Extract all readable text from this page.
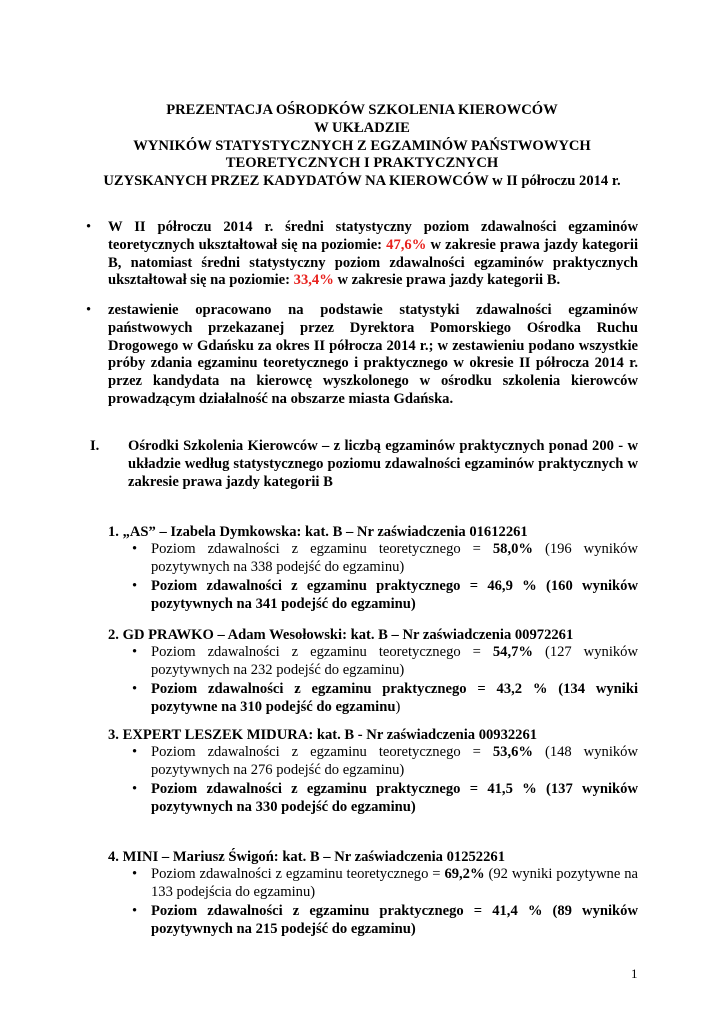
PREZENTACJA OŚRODKÓW SZKOLENIA KIEROWCÓW
W UKŁADZIE
WYNIKÓW STATYSTYCZNYCH Z EGZAMINÓW PAŃSTWOWYCH
TEORETYCZNYCH I PRAKTYCZNYCH
UZYSKANYCH PRZEZ KADYDATÓW NA KIEROWCÓW w II półroczu 2014 r.
• W II półroczu 2014 r. średni statystyczny poziom zdawalności egzaminów teoretycznych ukształtował się na poziomie: 47,6% w zakresie prawa jazdy kategorii B, natomiast średni statystyczny poziom zdawalności egzaminów praktycznych ukształtował się na poziomie: 33,4% w zakresie prawa jazdy kategorii B.
• zestawienie opracowano na podstawie statystyki zdawalności egzaminów państwowych przekazanej przez Dyrektora Pomorskiego Ośrodka Ruchu Drogowego w Gdańsku za okres II półrocza 2014 r.; w zestawieniu podano wszystkie próby zdania egzaminu teoretycznego i praktycznego w okresie II półrocza 2014 r. przez kandydata na kierowcę wyszkolonego w ośrodku szkolenia kierowców prowadzącym działalność na obszarze miasta Gdańska.
I. Ośrodki Szkolenia Kierowców – z liczbą egzaminów praktycznych ponad 200 - w układzie według statystycznego poziomu zdawalności egzaminów praktycznych w zakresie prawa jazdy kategorii B
1. „AS” – Izabela Dymkowska: kat. B – Nr zaświadczenia 01612261
• Poziom zdawalności z egzaminu teoretycznego = 58,0% (196 wyników pozytywnych na 338 podejść do egzaminu)
• Poziom zdawalności z egzaminu praktycznego = 46,9 % (160 wyników pozytywnych na 341 podejść do egzaminu)
2. GD PRAWKO – Adam Wesołowski: kat. B – Nr zaświadczenia 00972261
• Poziom zdawalności z egzaminu teoretycznego = 54,7% (127 wyników pozytywnych na 232 podejść do egzaminu)
• Poziom zdawalności z egzaminu praktycznego = 43,2 % (134 wyniki pozytywne na 310 podejść do egzaminu)
3. EXPERT LESZEK MIDURA: kat. B - Nr zaświadczenia 00932261
• Poziom zdawalności z egzaminu teoretycznego = 53,6% (148 wyników pozytywnych na 276 podejść do egzaminu)
• Poziom zdawalności z egzaminu praktycznego = 41,5 % (137 wyników pozytywnych na 330 podejść do egzaminu)
4. MINI – Mariusz Świgoń: kat. B – Nr zaświadczenia 01252261
• Poziom zdawalności z egzaminu teoretycznego = 69,2% (92 wyniki pozytywne na 133 podejścia do egzaminu)
• Poziom zdawalności z egzaminu praktycznego = 41,4 % (89 wyników pozytywnych na 215 podejść do egzaminu)
1
